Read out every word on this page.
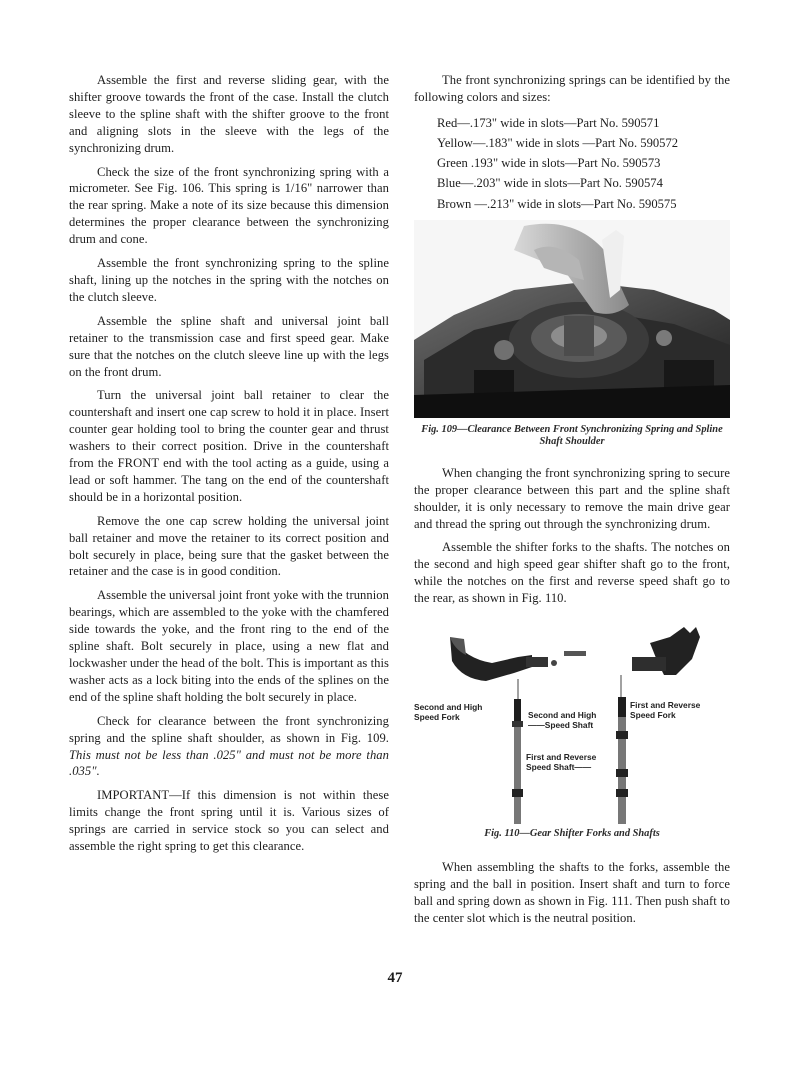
Assemble the first and reverse sliding gear, with the shifter groove towards the front of the case. Install the clutch sleeve to the spline shaft with the shifter groove to the front and aligning slots in the sleeve with the legs of the synchronizing drum.

Check the size of the front synchronizing spring with a micrometer. See Fig. 106. This spring is 1/16" narrower than the rear spring. Make a note of its size because this dimension determines the proper clearance between the synchronizing drum and cone.

Assemble the front synchronizing spring to the spline shaft, lining up the notches in the spring with the notches on the clutch sleeve.

Assemble the spline shaft and universal joint ball retainer to the transmission case and first speed gear. Make sure that the notches on the clutch sleeve line up with the legs on the front drum.

Turn the universal joint ball retainer to clear the countershaft and insert one cap screw to hold it in place. Insert counter gear holding tool to bring the counter gear and thrust washers to their correct position. Drive in the countershaft from the FRONT end with the tool acting as a guide, using a lead or soft hammer. The tang on the end of the countershaft should be in a horizontal position.

Remove the one cap screw holding the universal joint ball retainer and move the retainer to its correct position and bolt securely in place, being sure that the gasket between the retainer and the case is in good condition.

Assemble the universal joint front yoke with the trunnion bearings, which are assembled to the yoke with the chamfered side towards the yoke, and the front ring to the end of the spline shaft. Bolt securely in place, using a new flat and lockwasher under the head of the bolt. This is important as this washer acts as a lock biting into the ends of the splines on the end of the spline shaft holding the bolt securely in place.

Check for clearance between the front synchronizing spring and the spline shaft shoulder, as shown in Fig. 109. This must not be less than .025" and must not be more than .035".

IMPORTANT—If this dimension is not within these limits change the front spring until it is. Various sizes of springs are carried in service stock so you can select and assemble the right spring to get this clearance.

The front synchronizing springs can be identified by the following colors and sizes:

Red—.173" wide in slots—Part No. 590571
Yellow—.183" wide in slots —Part No. 590572
Green .193" wide in slots—Part No. 590573
Blue—.203" wide in slots—Part No. 590574
Brown —.213" wide in slots—Part No. 590575
Fig. 109—Clearance Between Front Synchronizing Spring and Spline Shaft Shoulder

When changing the front synchronizing spring to secure the proper clearance between this part and the spline shaft shoulder, it is only necessary to remove the main drive gear and thread the spring out through the synchronizing drum.

Assemble the shifter forks to the shafts. The notches on the second and high speed gear shifter shaft go to the front, while the notches on the first and reverse speed shaft go to the rear, as shown in Fig. 110.

Second and High
Speed Fork	Second and High
——Speed Shaft
First and Reverse
Speed Fork
First and Reverse
Speed Shaft——
Fig. 110—Gear Shifter Forks and Shafts

When assembling the shafts to the forks, assemble the spring and the ball in position. Insert shaft and turn to force ball and spring down as shown in Fig. 111. Then push shaft to the center slot which is the neutral position.

47
